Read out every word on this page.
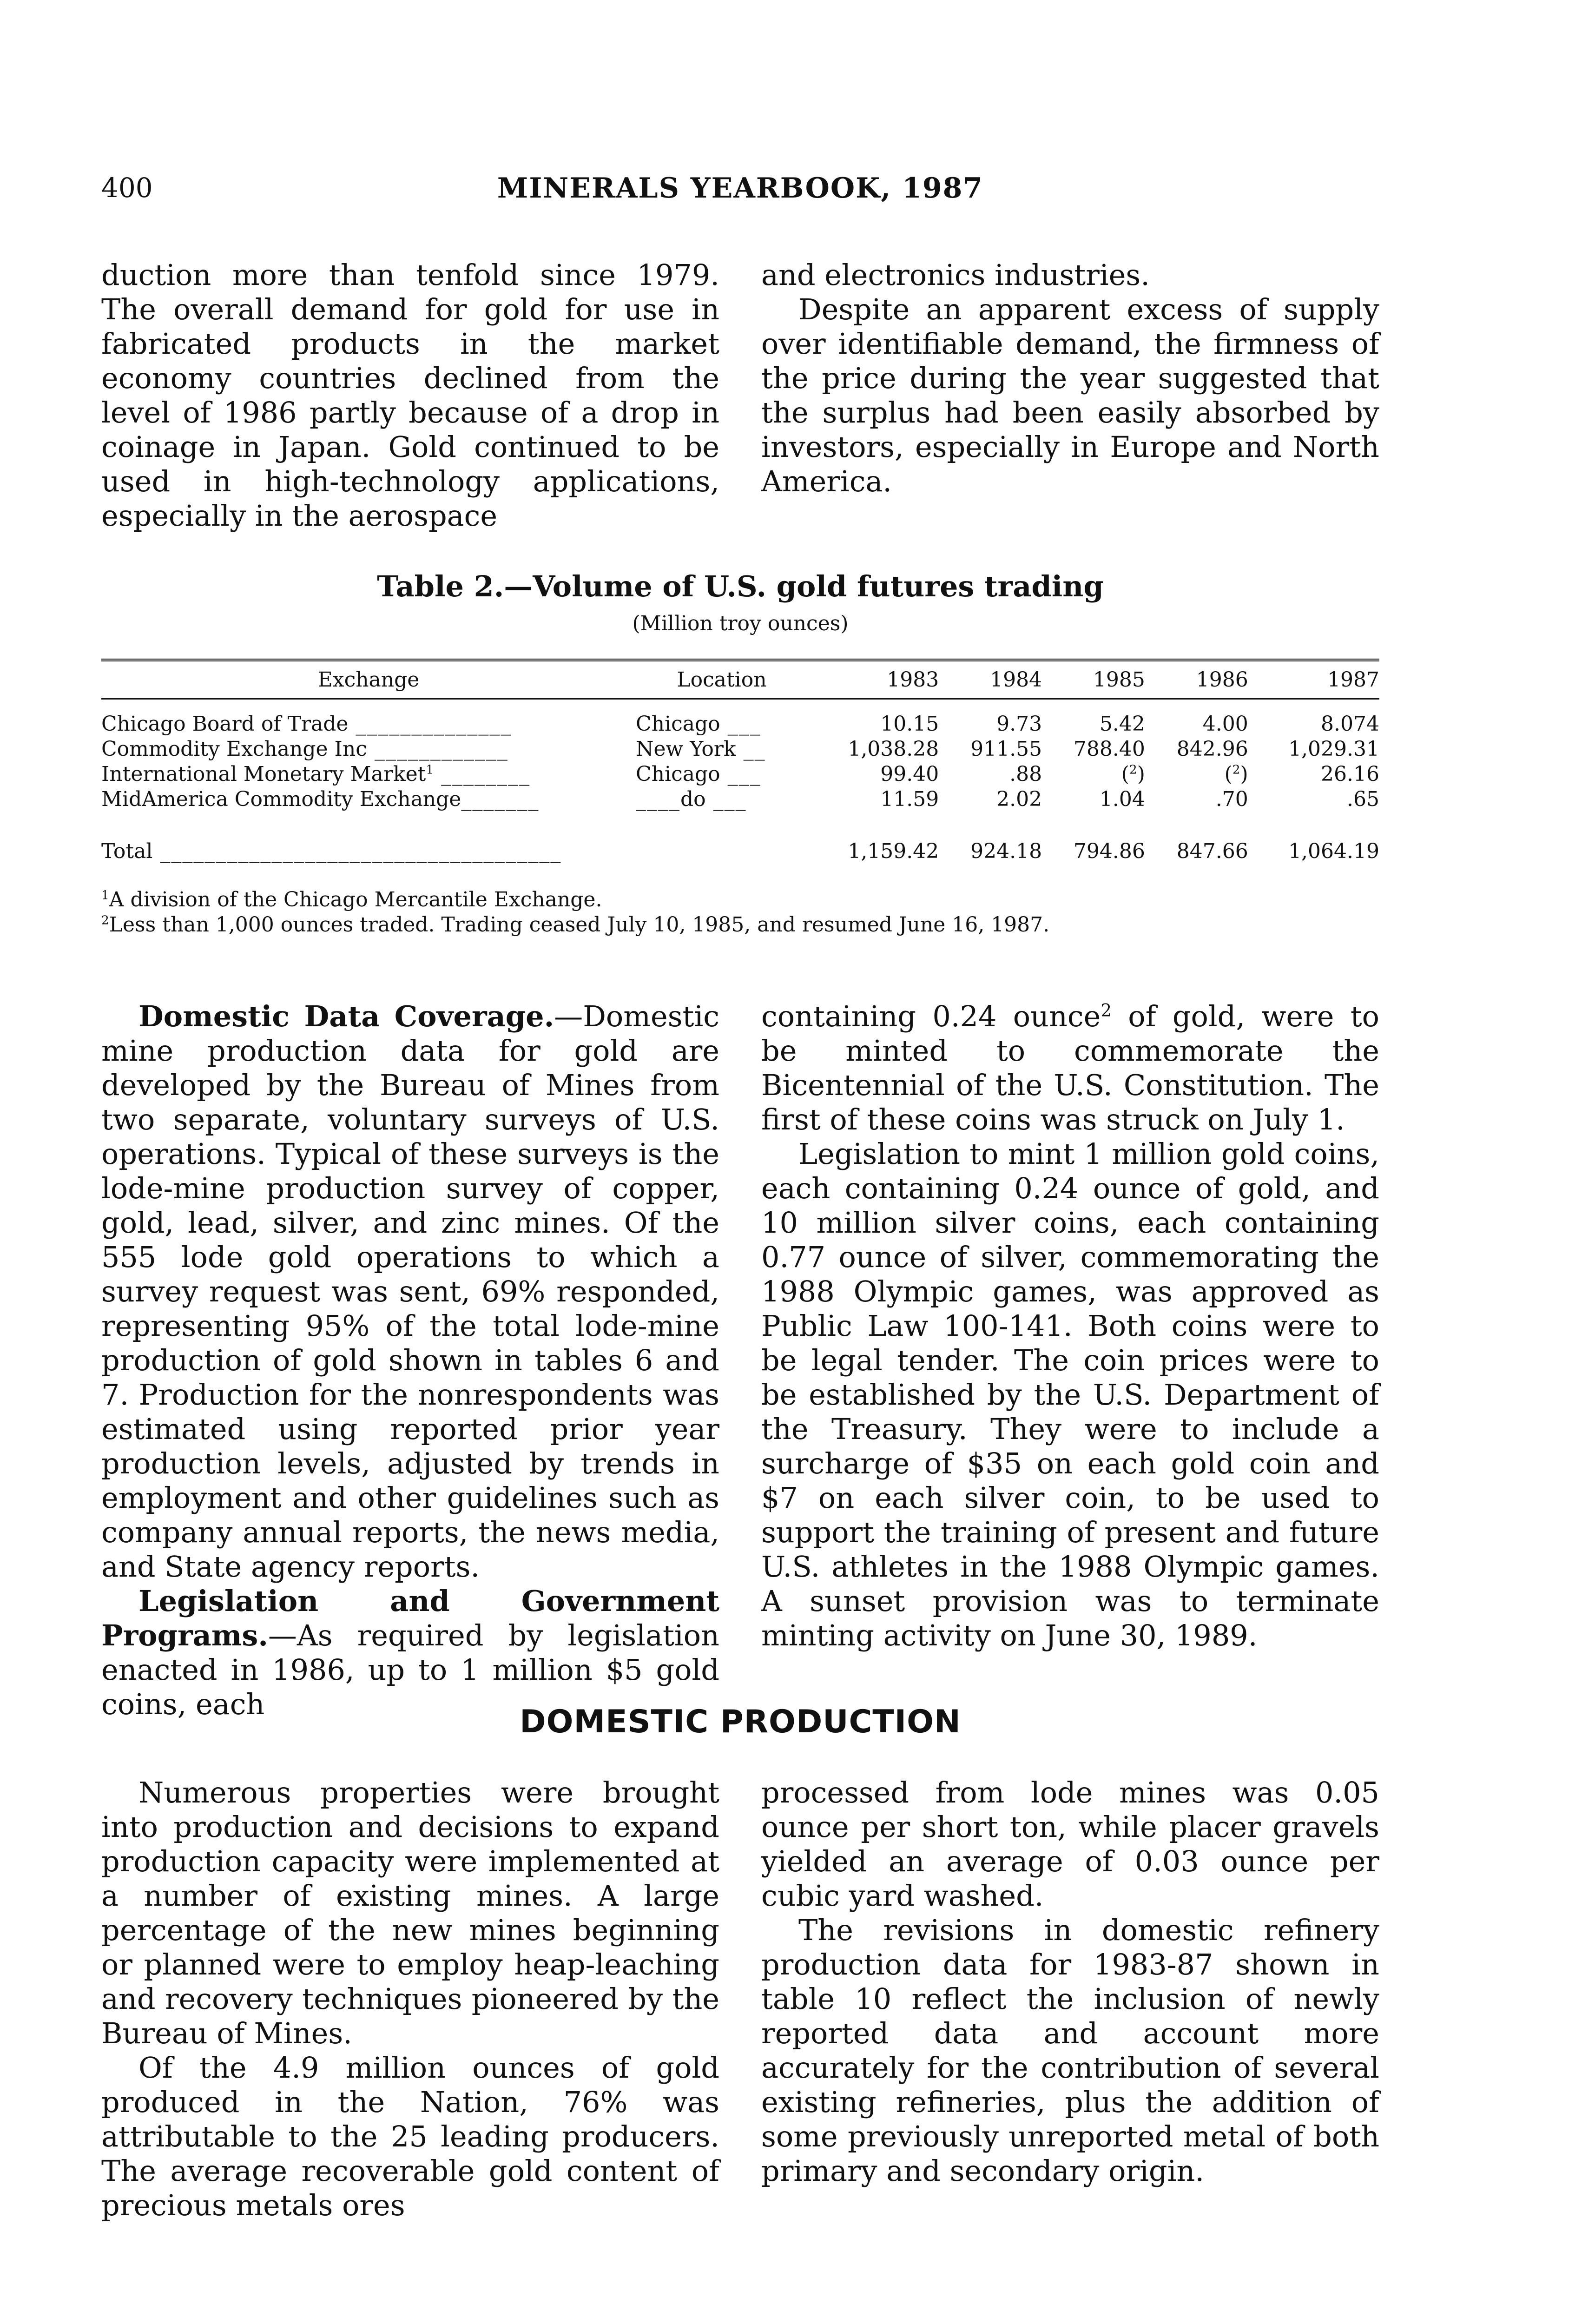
400	MINERALS YEARBOOK, 1987

duction more than tenfold since 1979. The overall demand for gold for use in fabricated products in the market economy countries declined from the level of 1986 partly because of a drop in coinage in Japan. Gold continued to be used in high-technology applications, especially in the aerospace

and electronics industries.

Despite an apparent excess of supply over identifiable demand, the firmness of the price during the year suggested that the surplus had been easily absorbed by investors, especially in Europe and North America.

Table 2.—Volume of U.S. gold futures trading
(Million troy ounces)
Exchange	Location	1983	1984	1985	1986	1987
Chicago Board of Trade ______________	Chicago ___	10.15	9.73	5.42	4.00	8.074
Commodity Exchange Inc ____________	New York __	1,038.28	911.55	788.40	842.96	1,029.31
International Monetary Market$^1$ ________	Chicago ___	99.40	.88	($^2$)	($^2$)	26.16
MidAmerica Commodity Exchange_______	____do ___	11.59	2.02	1.04	.70	.65
Total ____________________________________		1,159.42	924.18	794.86	847.66	1,064.19
$^1$A division of the Chicago Mercantile Exchange.
$^2$Less than 1,000 ounces traded. Trading ceased July 10, 1985, and resumed June 16, 1987.

Domestic Data Coverage.—Domestic mine production data for gold are developed by the Bureau of Mines from two separate, voluntary surveys of U.S. operations. Typical of these surveys is the lode-mine production survey of copper, gold, lead, silver, and zinc mines. Of the 555 lode gold operations to which a survey request was sent, 69% responded, representing 95% of the total lode-mine production of gold shown in tables 6 and 7. Production for the nonrespondents was estimated using reported prior year production levels, adjusted by trends in employment and other guidelines such as company annual reports, the news media, and State agency reports.

Legislation and Government Programs.—As required by legislation enacted in 1986, up to 1 million $5 gold coins, each

containing 0.24 ounce$^2$ of gold, were to be minted to commemorate the Bicentennial of the U.S. Constitution. The first of these coins was struck on July 1.

Legislation to mint 1 million gold coins, each containing 0.24 ounce of gold, and 10 million silver coins, each containing 0.77 ounce of silver, commemorating the 1988 Olympic games, was approved as Public Law 100-141. Both coins were to be legal tender. The coin prices were to be established by the U.S. Department of the Treasury. They were to include a surcharge of $35 on each gold coin and $7 on each silver coin, to be used to support the training of present and future U.S. athletes in the 1988 Olympic games. A sunset provision was to terminate minting activity on June 30, 1989.

DOMESTIC PRODUCTION

Numerous properties were brought into production and decisions to expand production capacity were implemented at a number of existing mines. A large percentage of the new mines beginning or planned were to employ heap-leaching and recovery techniques pioneered by the Bureau of Mines.

Of the 4.9 million ounces of gold produced in the Nation, 76% was attributable to the 25 leading producers. The average recoverable gold content of precious metals ores

processed from lode mines was 0.05 ounce per short ton, while placer gravels yielded an average of 0.03 ounce per cubic yard washed.

The revisions in domestic refinery production data for 1983-87 shown in table 10 reflect the inclusion of newly reported data and account more accurately for the contribution of several existing refineries, plus the addition of some previously unreported metal of both primary and secondary origin.
